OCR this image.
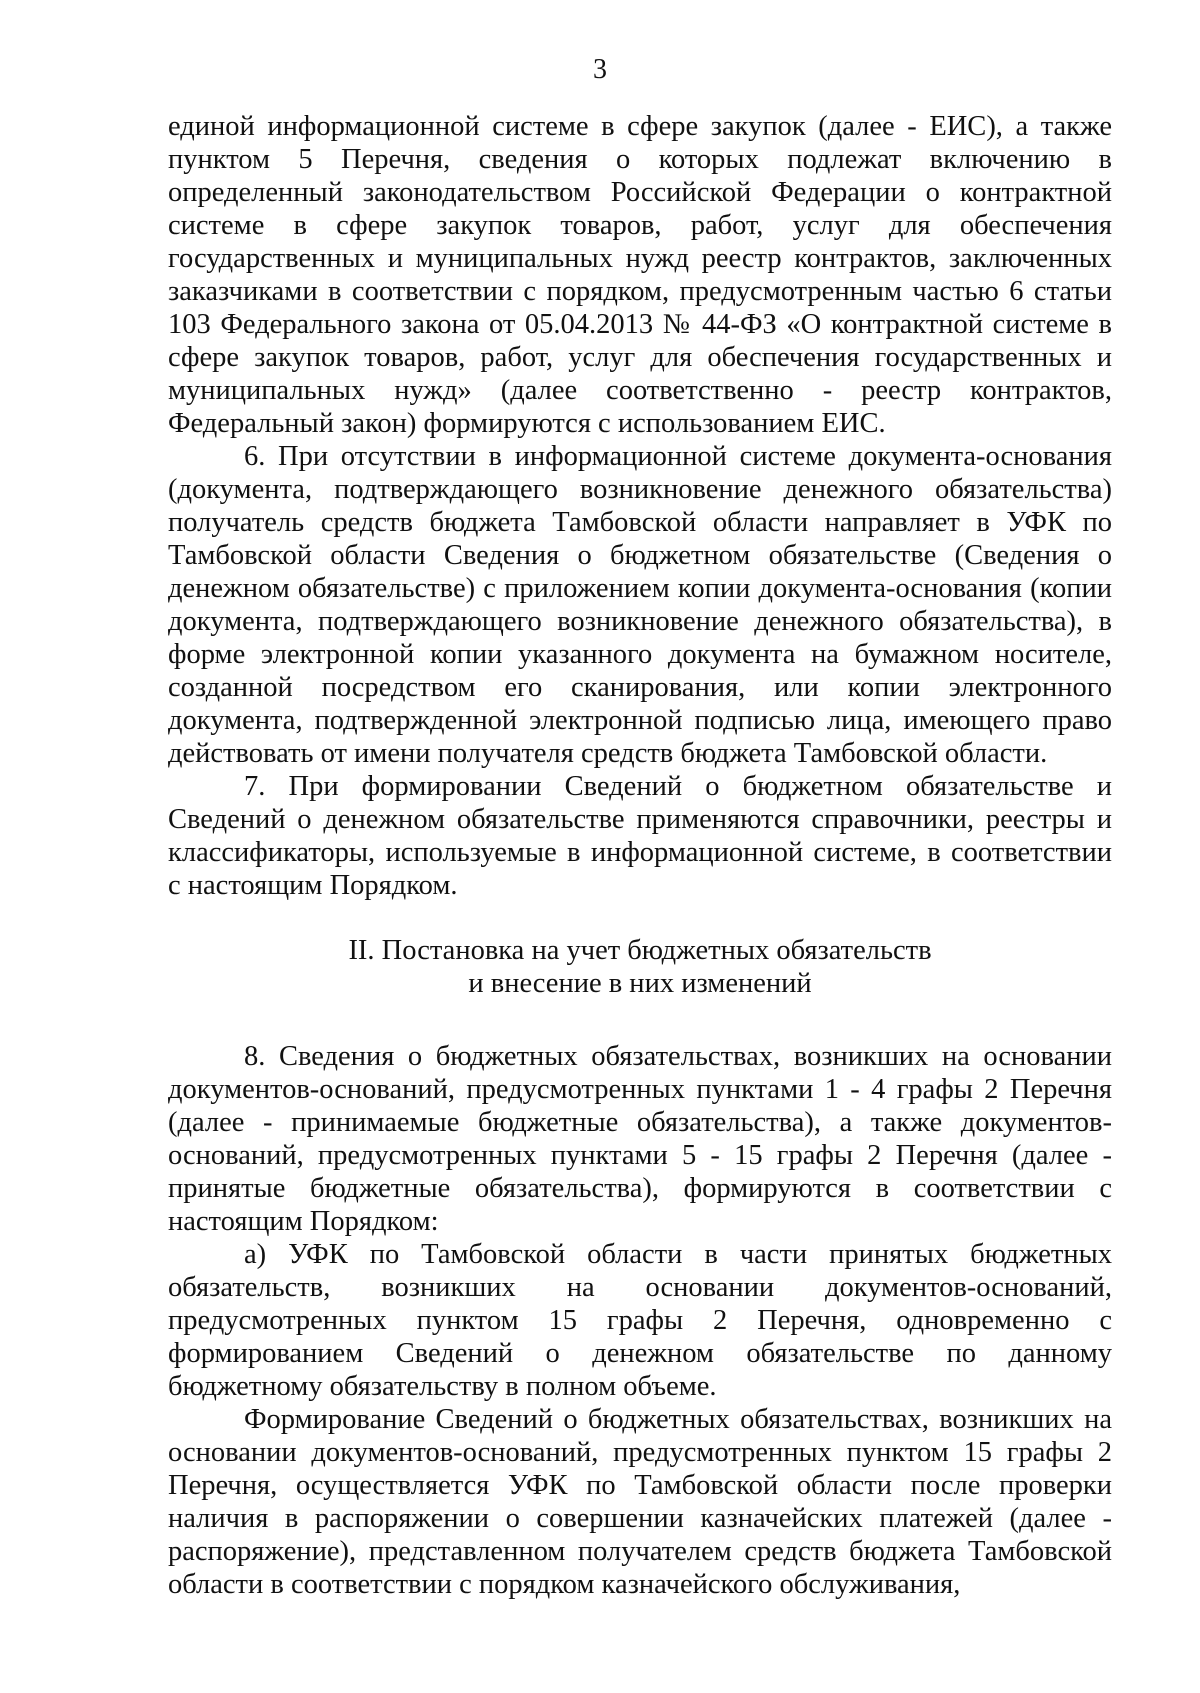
3

единой информационной системе в сфере закупок (далее - ЕИС), а также пунктом 5 Перечня, сведения о которых подлежат включению в определенный законодательством Российской Федерации о контрактной системе в сфере закупок товаров, работ, услуг для обеспечения государственных и муниципальных нужд реестр контрактов, заключенных заказчиками в соответствии с порядком, предусмотренным частью 6 статьи 103 Федерального закона от 05.04.2013 № 44-ФЗ «О контрактной системе в сфере закупок товаров, работ, услуг для обеспечения государственных и муниципальных нужд» (далее соответственно - реестр контрактов, Федеральный закон) формируются с использованием ЕИС.

6. При отсутствии в информационной системе документа-основания (документа, подтверждающего возникновение денежного обязательства) получатель средств бюджета Тамбовской области направляет в УФК по Тамбовской области Сведения о бюджетном обязательстве (Сведения о денежном обязательстве) с приложением копии документа-основания (копии документа, подтверждающего возникновение денежного обязательства), в форме электронной копии указанного документа на бумажном носителе, созданной посредством его сканирования, или копии электронного документа, подтвержденной электронной подписью лица, имеющего право действовать от имени получателя средств бюджета Тамбовской области.

7. При формировании Сведений о бюджетном обязательстве и Сведений о денежном обязательстве применяются справочники, реестры и классификаторы, используемые в информационной системе, в соответствии с настоящим Порядком.

II. Постановка на учет бюджетных обязательств
и внесение в них изменений

8. Сведения о бюджетных обязательствах, возникших на основании документов-оснований, предусмотренных пунктами 1 - 4 графы 2 Перечня (далее - принимаемые бюджетные обязательства), а также документов-оснований, предусмотренных пунктами 5 - 15 графы 2 Перечня (далее - принятые бюджетные обязательства), формируются в соответствии с настоящим Порядком:

а) УФК по Тамбовской области в части принятых бюджетных обязательств, возникших на основании документов-оснований, предусмотренных пунктом 15 графы 2 Перечня, одновременно с формированием Сведений о денежном обязательстве по данному бюджетному обязательству в полном объеме.

Формирование Сведений о бюджетных обязательствах, возникших на основании документов-оснований, предусмотренных пунктом 15 графы 2 Перечня, осуществляется УФК по Тамбовской области после проверки наличия в распоряжении о совершении казначейских платежей (далее - распоряжение), представленном получателем средств бюджета Тамбовской области в соответствии с порядком казначейского обслуживания,
